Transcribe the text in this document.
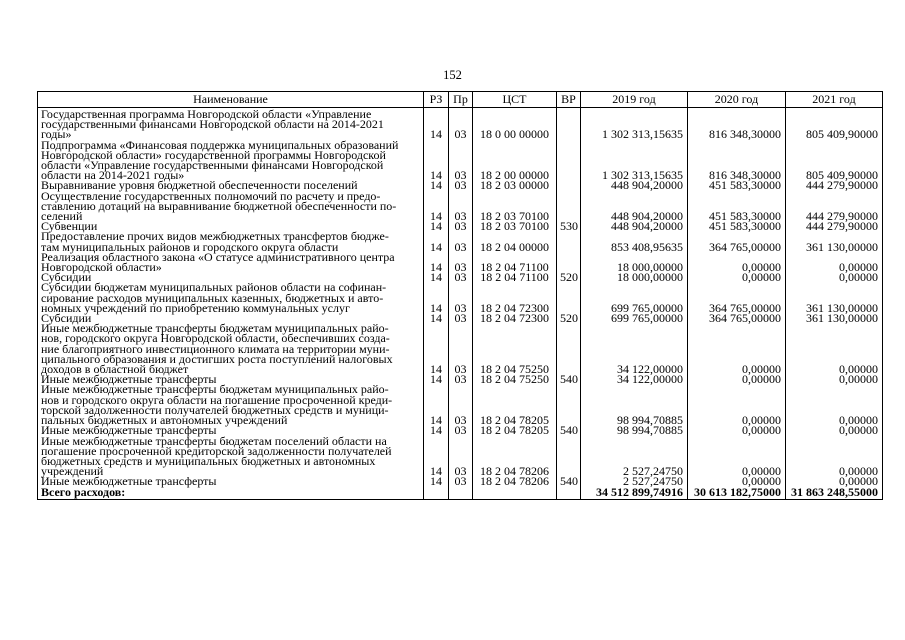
152
Наименование	РЗ	Пр	ЦСТ	ВР	2019 год	2020 год	2021 год
Государственная программа Новгородской области «Управление
государственными финансами Новгородской области на 2014-2021
годы»	14	03	18 0 00 00000		1 302 313,15635	816 348,30000	805 409,90000
Подпрограмма «Финансовая поддержка муниципальных образований
Новгородской области» государственной программы Новгородской
области «Управление государственными финансами Новгородской
области на 2014-2021 годы»	14	03	18 2 00 00000		1 302 313,15635	816 348,30000	805 409,90000
Выравнивание уровня бюджетной обеспеченности поселений	14	03	18 2 03 00000		448 904,20000	451 583,30000	444 279,90000
Осуществление государственных полномочий по расчету и предо-
ставлению дотаций на выравнивание бюджетной обеспеченности по-
селений	14	03	18 2 03 70100		448 904,20000	451 583,30000	444 279,90000
Субвенции	14	03	18 2 03 70100	530	448 904,20000	451 583,30000	444 279,90000
Предоставление прочих видов межбюджетных трансфертов бюдже-
там муниципальных районов и городского округа области	14	03	18 2 04 00000		853 408,95635	364 765,00000	361 130,00000
Реализация областного закона «О статусе административного центра
Новгородской области»	14	03	18 2 04 71100		18 000,00000	0,00000	0,00000
Субсидии	14	03	18 2 04 71100	520	18 000,00000	0,00000	0,00000
Субсидии бюджетам муниципальных районов области на софинан-
сирование расходов муниципальных казенных, бюджетных и авто-
номных учреждений по приобретению коммунальных услуг	14	03	18 2 04 72300		699 765,00000	364 765,00000	361 130,00000
Субсидии	14	03	18 2 04 72300	520	699 765,00000	364 765,00000	361 130,00000
Иные межбюджетные трансферты бюджетам муниципальных райо-
нов, городского округа Новгородской области, обеспечивших созда-
ние благоприятного инвестиционного климата на территории муни-
ципального образования и достигших роста поступлений налоговых
доходов в областной бюджет	14	03	18 2 04 75250		34 122,00000	0,00000	0,00000
Иные межбюджетные трансферты	14	03	18 2 04 75250	540	34 122,00000	0,00000	0,00000
Иные межбюджетные трансферты бюджетам муниципальных райо-
нов и городского округа области на погашение просроченной креди-
торской задолженности получателей бюджетных средств и муници-
пальных бюджетных и автономных учреждений	14	03	18 2 04 78205		98 994,70885	0,00000	0,00000
Иные межбюджетные трансферты	14	03	18 2 04 78205	540	98 994,70885	0,00000	0,00000
Иные межбюджетные трансферты бюджетам поселений области на
погашение просроченной кредиторской задолженности получателей
бюджетных средств и муниципальных бюджетных и автономных
учреждений	14	03	18 2 04 78206		2 527,24750	0,00000	0,00000
Иные межбюджетные трансферты	14	03	18 2 04 78206	540	2 527,24750	0,00000	0,00000
Всего расходов:					34 512 899,74916	30 613 182,75000	31 863 248,55000
